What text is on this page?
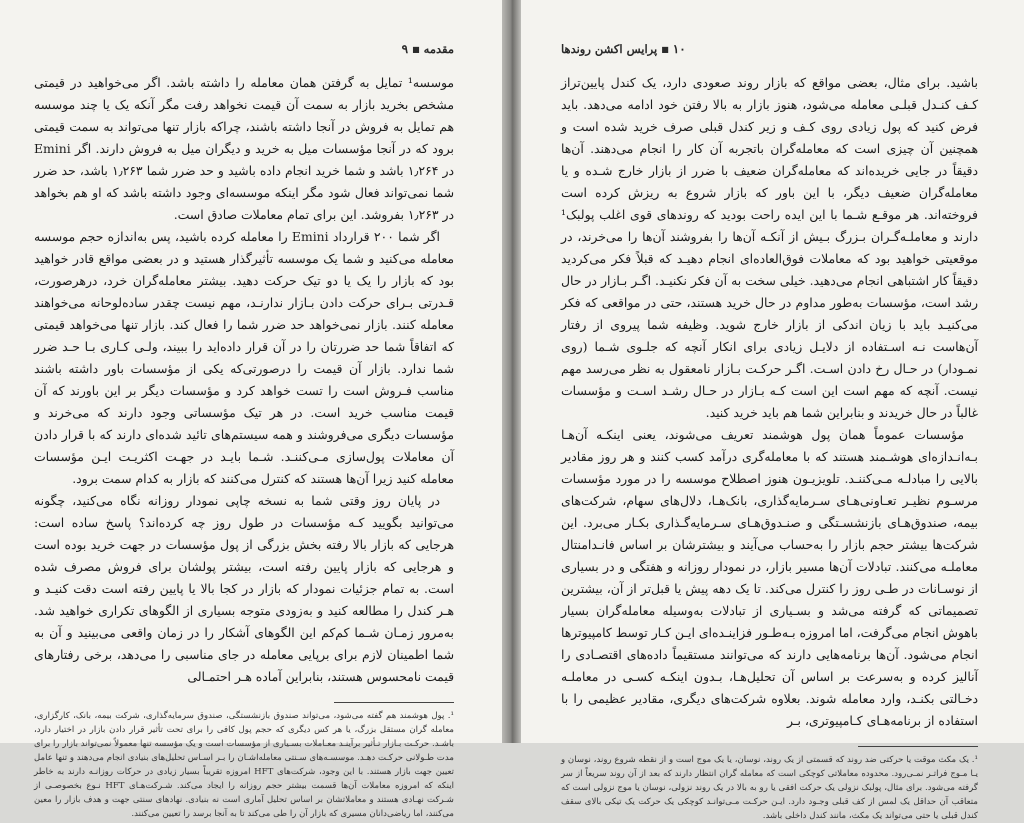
مقدمه■۹

موسسه¹ تمایل به گرفتن همان معامله را داشته باشد. اگر می‌خواهید در قیمتی مشخص بخرید بازار به سمت آن قیمت نخواهد رفت مگر آنکه یک یا چند موسسه هم تمایل به فروش در آنجا داشته باشند، چراکه بازار تنها می‌تواند به سمت قیمتی برود که در آنجا مؤسسات میل به خرید و دیگران میل به فروش دارند. اگر Emini در ۱٫۲۶۴ باشد و شما خرید انجام داده باشید و حد ضرر شما ۱٫۲۶۳ باشد، حد ضرر شما نمی‌تواند فعال شود مگر اینکه موسسه‌ای وجود داشته باشد که او هم بخواهد در ۱٫۲۶۳ بفروشد. این برای تمام معاملات صادق است.

اگر شما ۲۰۰ قرارداد Emini را معامله کرده باشید، پس به‌اندازه حجم موسسه معامله می‌کنید و شما یک موسسه تأثیرگذار هستید و در بعضی مواقع قادر خواهید بود که بازار را یک یا دو تیک حرکت دهید. بیشتر معامله‌گران خرد، درهرصورت، قـدرتی بـرای حرکت دادن بـازار ندارنـد، مهم نیست چقدر ساده‌لوحانه می‌خواهند معامله کنند. بازار نمی‌خواهد حد ضرر شما را فعال کند. بازار تنها می‌خواهد قیمتی که اتفاقاً شما حد ضررتان را در آن قرار داده‌اید را ببیند، ولـی کـاری بـا حـد ضرر شما ندارد. بازار آن قیمت را درصورتی‌که یکی از مؤسسات باور داشته باشند مناسب فـروش است را تست خواهد کرد و مؤسسات دیگر بر این باورند که آن قیمت مناسب خرید است. در هر تیک مؤسساتی وجود دارند که می‌خرند و مؤسسات دیگری می‌فروشند و همه سیستم‌های تائید شده‌ای دارند که با قرار دادن آن معاملات پول‌سازی مـی‌کننـد. شـما بایـد در جهـت اکثریـت ایـن مؤسسات معامله کنید زیرا آن‌ها هستند که کنترل می‌کنند که بازار به کدام سمت برود.

در پایان روز وقتی شما به نسخه چاپی نمودار روزانه نگاه می‌کنید، چگونه می‌توانید بگویید کـه مؤسسات در طول روز چه کرده‌اند؟ پاسخ ساده است: هرجایی که بازار بالا رفته بخش بزرگی از پول مؤسسات در جهت خرید بوده است و هرجایی که بازار پایین رفته است، بیشتر پولشان برای فروش مصرف شده است. به تمام جزئیات نمودار که بازار در کجا بالا یا پایین رفته است دقت کنیـد و هـر کندل را مطالعه کنید و به‌زودی متوجه بسیاری از الگوهای تکراری خواهید شد. به‌مرور زمـان شـما کم‌کم این الگوهای آشکار را در زمان واقعی می‌بینید و آن به شما اطمینان لازم برای برپایی معامله در جای مناسبی را می‌دهد، برخی رفتارهای قیمت نامحسوس هستند، بنابراین آماده هـر احتمـالی

¹. پول هوشمند هم گفته می‌شود، می‌تواند صندوق بازنشستگی، صندوق سرمایه‌گذاری، شرکت بیمه، بانک، کارگزاری، معامله گران مستقل بزرگ، یا هر کس دیگری که حجم پول کافی را برای تحت تأثیر قرار دادن بازار در اختیار دارد، باشـد. حرکـت بـازار تـأثیر برآینـد معـاملات بسـیاری از مؤسسات است و یک مؤسسه تنها معمولاً نمی‌تواند بازار را برای مدت طـولانی حرکـت دهـد. موسسـه‌های سـنتی معامله‌اشـان را بـر اسـاس تحلیل‌های بنیادی انجام می‌دهند و تنها عامل تعیین جهت بازار هستند. با این وجود، شرکت‌های HFT امروزه تقریباً بسیار زیادی در حرکات روزانـه دارند به خاطر اینکه که امروزه معاملات آن‌ها قسمت بیشتر حجم روزانه را ایجاد می‌کند. شـرکت‌هـای HFT نـوع بخصوصـی از شـرکت نهـادی هستند و معاملاتشان بر اساس تحلیل آماری است نه بنیادی. نهادهای سنتی جهت و هدف بازار را معین می‌کنند، اما ریاضی‌دانان مسیری که بازار آن را طی می‌کند تا به آنجا برسد را تعیین می‌کنند.

۱۰■پرایس اکشن روندها

باشید. برای مثال، بعضی مواقع که بازار روند صعودی دارد، یک کندل پایین‌تراز کـف کنـدل قبلـی معامله می‌شود، هنوز بازار به بالا رفتن خود ادامه می‌دهد. باید فرض کنید که پول زیادی روی کـف و زیر کندل قبلی صرف خرید شده است و همچنین آن چیزی است که معامله‌گران باتجربه آن کار را انجام می‌دهند. آن‌ها دقیقاً در جایی خریده‌اند که معامله‌گران ضعیف با ضرر از بازار خارج شـده و یا معامله‌گران ضعیف دیگر، با این باور که بازار شروع به ریزش کرده است فروخته‌اند. هر موقـع شـما با این ایده راحت بودید که روندهای قوی اغلب پولبک¹ دارند و معاملـه‌گـران بـزرگ بـیش از آنکـه آن‌ها را بفروشند آن‌ها را می‌خرند، در موقعیتی خواهید بود که معاملات فوق‌العاده‌ای انجام دهیـد که قبلاً فکر می‌کردید دقیقاً کار اشتباهی انجام می‌دهید. خیلی سخت به آن فکر نکنیـد. اگـر بـازار در حال رشد است، مؤسسات به‌طور مداوم در حال خرید هستند، حتی در مواقعی که فکر می‌کنیـد باید با زیان اندکی از بازار خارج شوید. وظیفه شما پیروی از رفتار آن‌هاست نـه اسـتفاده از دلایـل زیادی برای انکار آنچه که جلـوی شـما (روی نمـودار) در حـال رخ دادن اسـت. اگـر حرکـت بـازار نامعقول به نظر می‌رسد مهم نیست. آنچه که مهم است این است کـه بـازار در حـال رشـد اسـت و مؤسسات غالباً در حال خریدند و بنابراین شما هم باید خرید کنید.

مؤسسات عموماً همان پول هوشمند تعریف می‌شوند، یعنی اینکـه آن‌هـا بـه‌انـدازه‌ای هوشـمند هستند که با معامله‌گری درآمد کسب کنند و هر روز مقادیر بالایی را مبادلـه مـی‌کننـد. تلویزیـون هنوز اصطلاح موسسه را در مورد مؤسسات مرسـوم نظیـر تعـاونی‌هـای سـرمایه‌گذاری، بانک‌هـا، دلال‌های سهام، شرکت‌های بیمه، صندوق‌هـای بازنشسـتگی و صنـدوق‌هـای سـرمایه‌گـذاری بکـار می‌برد. این شرکت‌ها بیشتر حجم بازار را به‌حساب می‌آیند و بیشترشان بر اساس فانـدامنتال معاملـه می‌کنند. تبادلات آن‌ها مسیر بازار، در نمودار روزانه و هفتگی و در بسیاری از نوسـانات در طـی روز را کنترل می‌کند. تا یک دهه پیش یا قبل‌تر از آن، بیشترین تصمیماتی که گرفته می‌شد و بسـیاری از تبادلات به‌وسیله معامله‌گران بسیار باهوش انجام می‌گرفت، اما امروزه بـه‌طـور فزاینـده‌ای ایـن کـار توسط کامپیوترها انجام می‌شود. آن‌ها برنامه‌هایی دارند که می‌توانند مستقیماً داده‌های اقتصـادی را آنالیز کرده و به‌سرعت بر اساس آن تحلیل‌هـا، بـدون اینکـه کسـی در معاملـه دخـالتی بکنـد، وارد معامله شوند. بعلاوه شرکت‌های دیگری، مقادیر عظیمی را با استفاده از برنامه‌هـای کـامپیوتری، بـر

¹. یک مکث موقت یا حرکتی ضد روند که قسمتی از یک روند، نوسان، یا یک موج است و از نقطه شروع روند، نوسان و یـا مـوج فراتـر نمـی‌رود. محدوده معاملاتی کوچکی است که معامله گران انتظار دارند که بعد از آن روند سریعاً از سر گرفته می‌شود. برای مثال، پولبک نزولی یک حرکت افقی یا رو به بالا در یک روند نزولی، نوسان یا موج نزولی است که متعاقب آن حداقل یک لمس از کف قبلی وجـود دارد. ایـن حرکـت مـی‌توانـد کوچکی یک حرکت یک تیکی بالای سقف کندل قبلی یا حتی می‌تواند یک مکث، مانند کندل داخلی باشد.
